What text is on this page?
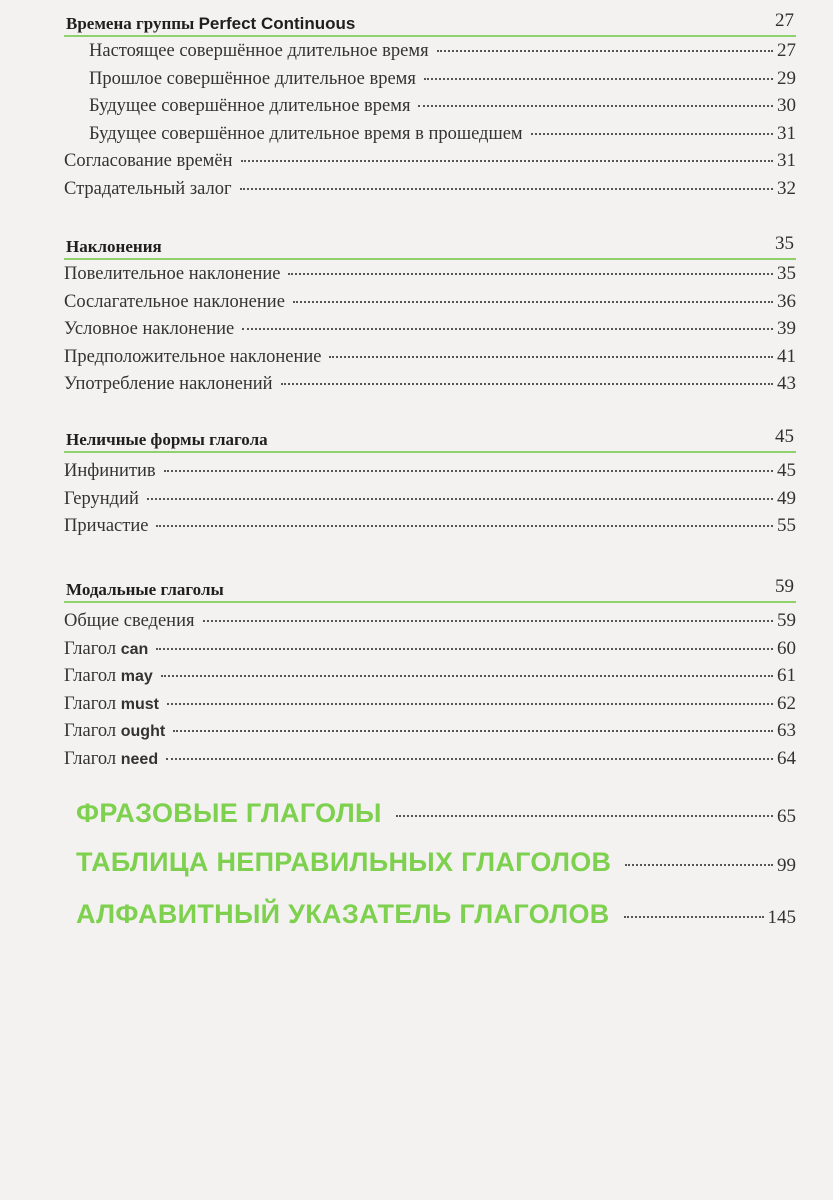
Времена группы Perfect Continuous	27
Настоящее совершённое длительное время	27
Прошлое совершённое длительное время	29
Будущее совершённое длительное время	30
Будущее совершённое длительное время в прошедшем	31
Согласование времён	31
Страдательный залог	32
Наклонения	35
Повелительное наклонение	35
Сослагательное наклонение	36
Условное наклонение	39
Предположительное наклонение	41
Употребление наклонений	43
Неличные формы глагола	45
Инфинитив	45
Герундий	49
Причастие	55
Модальные глаголы	59
Общие сведения	59
Глагол can	60
Глагол may	61
Глагол must	62
Глагол ought	63
Глагол need	64
ФРАЗОВЫЕ ГЛАГОЛЫ	65
ТАБЛИЦА НЕПРАВИЛЬНЫХ ГЛАГОЛОВ	99
АЛФАВИТНЫЙ УКАЗАТЕЛЬ ГЛАГОЛОВ	145
